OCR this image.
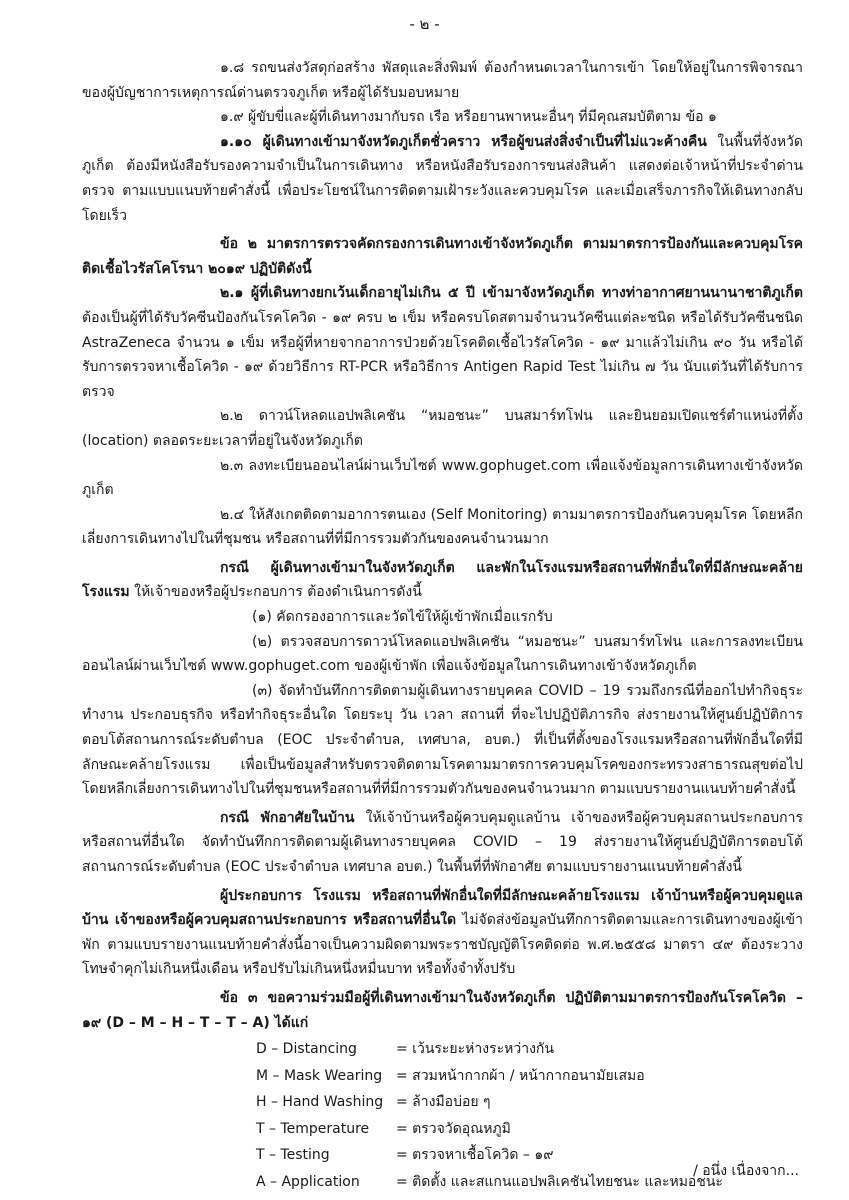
- ๒ -

๑.๘ รถขนส่งวัสดุก่อสร้าง พัสดุและสิ่งพิมพ์ ต้องกำหนดเวลาในการเข้า โดยให้อยู่ในการพิจารณาของผู้บัญชาการเหตุการณ์ด่านตรวจภูเก็ต หรือผู้ได้รับมอบหมาย

๑.๙ ผู้ขับขี่และผู้ที่เดินทางมากับรถ เรือ หรือยานพาหนะอื่นๆ ที่มีคุณสมบัติตาม ข้อ ๑

๑.๑๐ ผู้เดินทางเข้ามาจังหวัดภูเก็ตชั่วคราว หรือผู้ขนส่งสิ่งจำเป็นที่ไม่แวะค้างคืน ในพื้นที่จังหวัดภูเก็ต ต้องมีหนังสือรับรองความจำเป็นในการเดินทาง หรือหนังสือรับรองการขนส่งสินค้า แสดงต่อเจ้าหน้าที่ประจำด่านตรวจ ตามแบบแนบท้ายคำสั่งนี้ เพื่อประโยชน์ในการติดตามเฝ้าระวังและควบคุมโรค และเมื่อเสร็จภารกิจให้เดินทางกลับโดยเร็ว

ข้อ ๒ มาตรการตรวจคัดกรองการเดินทางเข้าจังหวัดภูเก็ต ตามมาตรการป้องกันและควบคุมโรคติดเชื้อไวรัสโคโรนา ๒๐๑๙ ปฏิบัติดังนี้

๒.๑ ผู้ที่เดินทางยกเว้นเด็กอายุไม่เกิน ๕ ปี เข้ามาจังหวัดภูเก็ต ทางท่าอากาศยานนานาชาติภูเก็ต ต้องเป็นผู้ที่ได้รับวัคซีนป้องกันโรคโควิด - ๑๙ ครบ ๒ เข็ม หรือครบโดสตามจำนวนวัคซีนแต่ละชนิด หรือได้รับวัคซีนชนิด AstraZeneca จำนวน ๑ เข็ม หรือผู้ที่หายจากอาการป่วยด้วยโรคติดเชื้อไวรัสโควิด - ๑๙ มาแล้วไม่เกิน ๙๐ วัน หรือได้รับการตรวจหาเชื้อโควิด - ๑๙ ด้วยวิธีการ RT-PCR หรือวิธีการ Antigen Rapid Test ไม่เกิน ๗ วัน นับแต่วันที่ได้รับการตรวจ

๒.๒ ดาวน์โหลดแอปพลิเคชัน “หมอชนะ” บนสมาร์ทโฟน และยินยอมเปิดแชร์ตำแหน่งที่ตั้ง (location) ตลอดระยะเวลาที่อยู่ในจังหวัดภูเก็ต

๒.๓ ลงทะเบียนออนไลน์ผ่านเว็บไซต์ www.gophuget.com เพื่อแจ้งข้อมูลการเดินทางเข้าจังหวัดภูเก็ต

๒.๔ ให้สังเกตติดตามอาการตนเอง (Self Monitoring) ตามมาตรการป้องกันควบคุมโรค โดยหลีกเลี่ยงการเดินทางไปในที่ชุมชน หรือสถานที่ที่มีการรวมตัวกันของคนจำนวนมาก

กรณี ผู้เดินทางเข้ามาในจังหวัดภูเก็ต และพักในโรงแรมหรือสถานที่พักอื่นใดที่มีลักษณะคล้ายโรงแรม ให้เจ้าของหรือผู้ประกอบการ ต้องดำเนินการดังนี้

(๑) คัดกรองอาการและวัดไข้ให้ผู้เข้าพักเมื่อแรกรับ

(๒) ตรวจสอบการดาวน์โหลดแอปพลิเคชัน “หมอชนะ” บนสมาร์ทโฟน และการลงทะเบียนออนไลน์ผ่านเว็บไซต์ www.gophuget.com ของผู้เข้าพัก เพื่อแจ้งข้อมูลในการเดินทางเข้าจังหวัดภูเก็ต

(๓) จัดทำบันทึกการติดตามผู้เดินทางรายบุคคล COVID – 19 รวมถึงกรณีที่ออกไปทำกิจธุระ ทำงาน ประกอบธุรกิจ หรือทำกิจธุระอื่นใด โดยระบุ วัน เวลา สถานที่ ที่จะไปปฏิบัติภารกิจ ส่งรายงานให้ศูนย์ปฏิบัติการตอบโต้สถานการณ์ระดับตำบล (EOC ประจำตำบล, เทศบาล, อบต.) ที่เป็นที่ตั้งของโรงแรมหรือสถานที่พักอื่นใดที่มีลักษณะคล้ายโรงแรม เพื่อเป็นข้อมูลสำหรับตรวจติดตามโรคตามมาตรการควบคุมโรคของกระทรวงสาธารณสุขต่อไป โดยหลีกเลี่ยงการเดินทางไปในที่ชุมชนหรือสถานที่ที่มีการรวมตัวกันของคนจำนวนมาก ตามแบบรายงานแนบท้ายคำสั่งนี้

กรณี พักอาศัยในบ้าน ให้เจ้าบ้านหรือผู้ควบคุมดูแลบ้าน เจ้าของหรือผู้ควบคุมสถานประกอบการ หรือสถานที่อื่นใด จัดทำบันทึกการติดตามผู้เดินทางรายบุคคล COVID – 19 ส่งรายงานให้ศูนย์ปฏิบัติการตอบโต้สถานการณ์ระดับตำบล (EOC ประจำตำบล เทศบาล อบต.) ในพื้นที่ที่พักอาศัย ตามแบบรายงานแนบท้ายคำสั่งนี้

ผู้ประกอบการ โรงแรม หรือสถานที่พักอื่นใดที่มีลักษณะคล้ายโรงแรม เจ้าบ้านหรือผู้ควบคุมดูแลบ้าน เจ้าของหรือผู้ควบคุมสถานประกอบการ หรือสถานที่อื่นใด ไม่จัดส่งข้อมูลบันทึกการติดตามและการเดินทางของผู้เข้าพัก ตามแบบรายงานแนบท้ายคำสั่งนี้อาจเป็นความผิดตามพระราชบัญญัติโรคติดต่อ พ.ศ.๒๕๕๘ มาตรา ๔๙ ต้องระวางโทษจำคุกไม่เกินหนึ่งเดือน หรือปรับไม่เกินหนึ่งหมื่นบาท หรือทั้งจำทั้งปรับ

ข้อ ๓ ขอความร่วมมือผู้ที่เดินทางเข้ามาในจังหวัดภูเก็ต ปฏิบัติตามมาตรการป้องกันโรคโควิด – ๑๙ (D – M – H – T – T – A) ได้แก่

D – Distancing	= เว้นระยะห่างระหว่างกัน
M – Mask Wearing	= สวมหน้ากากผ้า / หน้ากากอนามัยเสมอ
H – Hand Washing	= ล้างมือบ่อย ๆ
T – Temperature	= ตรวจวัดอุณหภูมิ
T – Testing	= ตรวจหาเชื้อโควิด – ๑๙
A – Application	= ติดตั้ง และสแกนแอปพลิเคชันไทยชนะ และหมอชนะ
/ อนึ่ง เนื่องจาก...
